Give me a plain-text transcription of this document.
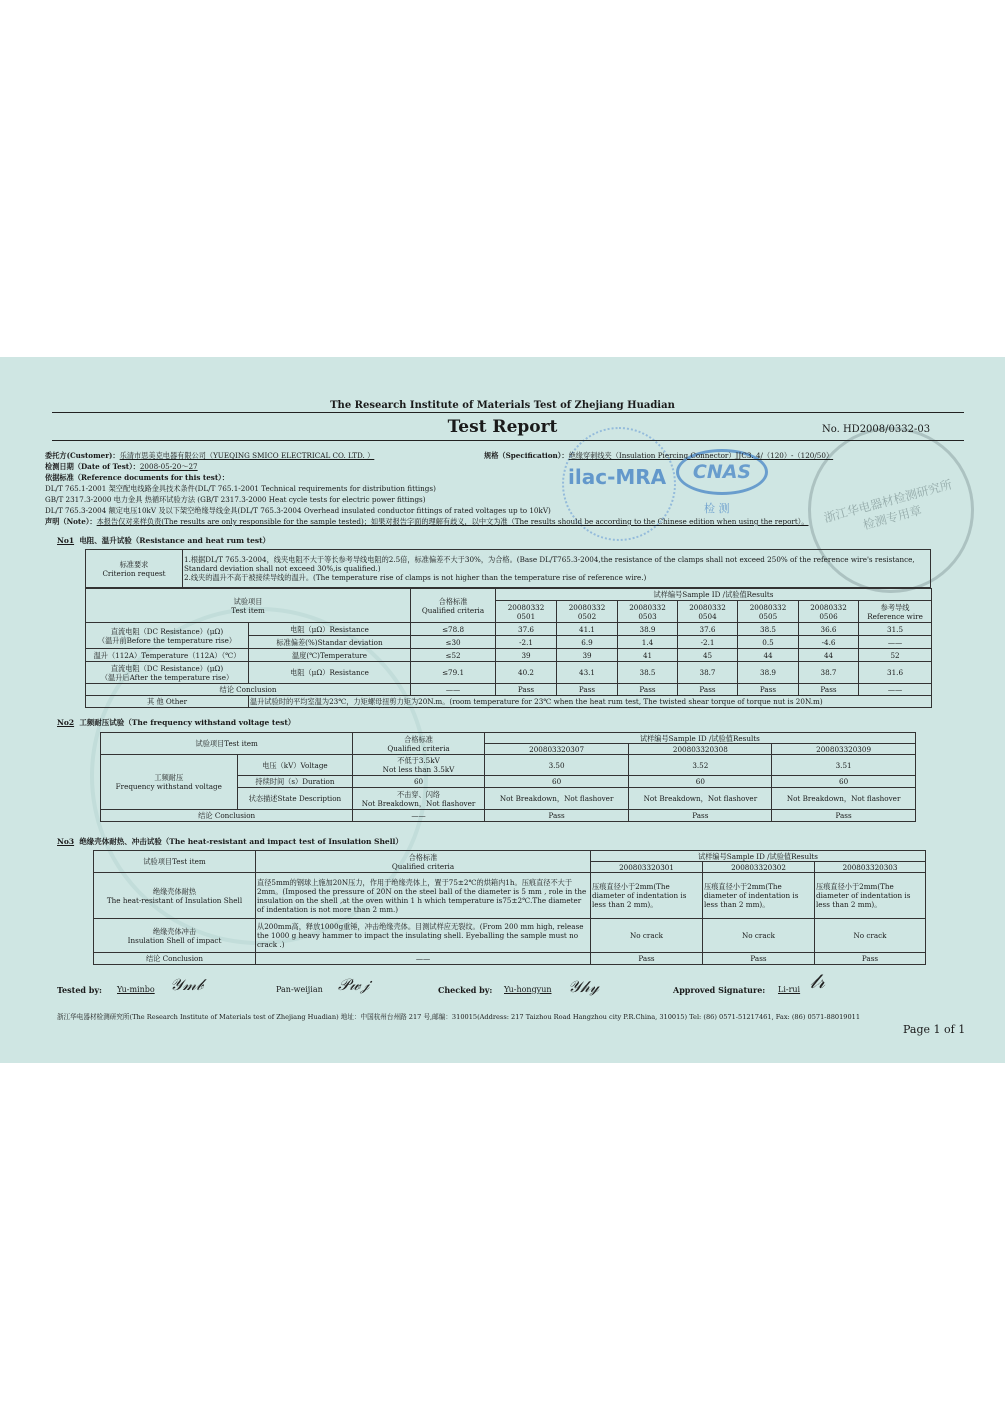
ilac-MRA	CNAS
检 测	浙江华电器材检测研究所 检测专用章
The Research Institute of Materials Test of Zhejiang Huadian
Test Report	No. HD2008/0332-03
委托方(Customer)：乐清市思美克电器有限公司（YUEQING SMICO ELECTRICAL CO. LTD. ）	规格（Specification）：绝缘穿刺线夹（Insulation Piercing Connector）JJC3. 4/（120）-（120/50）
检测日期（Date of Test）：2008-05-20～27
依据标准（Reference documents for this test）：
DL/T 765.1-2001 架空配电线路金具技术条件(DL/T 765.1-2001 Technical requirements for distribution fittings)
GB/T 2317.3-2000 电力金具 热循环试验方法 (GB/T 2317.3-2000 Heat cycle tests for electric power fittings)
DL/T 765.3-2004 额定电压10kV 及以下架空绝缘导线金具(DL/T 765.3-2004 Overhead insulated conductor fittings of rated voltages up to 10kV)
声明（Note）：本报告仅对来样负责(The results are only responsible for the sample tested)；如果对报告字面的理解有歧义，以中文为准（The results should be according to the Chinese edition when using the report）。
No1 电阻、温升试验（Resistance and heat rum test）
标准要求
Criterion request	
1.根据DL/T 765.3-2004，线夹电阻不大于等长参考导线电阻的2.5倍，标准偏差不大于30%，为合格。(Base DL/T765.3-2004,the resistance of the clamps shall not exceed 250% of the reference wire's resistance, Standard deviation shall not exceed 30%,is qualified.)
2.线夹的温升不高于被接续导线的温升。(The temperature rise of clamps is not higher than the temperature rise of reference wire.)
试验项目
Test item		合格标准
Qualified criteria	试样编号Sample ID /试验值Results						
			20080332
0501	20080332
0502	20080332
0503	20080332
0504	20080332
0505	20080332
0506	参考导线
Reference wire
直流电阻（DC Resistance）(μΩ)
（温升前Before the temperature rise）	电阻（μΩ）Resistance	≤78.8	37.6	41.1	38.9	37.6	38.5	36.6	31.5
	标准偏差(%)Standar deviation	≤30	-2.1	6.9	1.4	-2.1	0.5	-4.6	——
温升（112A）Temperature（112A）（℃）	温度(℃)Temperature	≤52	39	39	41	45	44	44	52
直流电阻（DC Resistance）(μΩ)
（温升后After the temperature rise）	电阻（μΩ）Resistance	≤79.1	40.2	43.1	38.5	38.7	38.9	38.7	31.6
结论 Conclusion		——	Pass	Pass	Pass	Pass	Pass	Pass	——
其 他 Other	温升试验时的平均室温为23℃，力矩螺母扭剪力矩为20N.m。(room temperature for 23℃ when the heat rum test, The twisted shear torque of torque nut is 20N.m)								
No2 工频耐压试验（The frequency withstand voltage test）
试验项目Test item		合格标准
Qualified criteria	试样编号Sample ID /试验值Results		
			200803320307	200803320308	200803320309
工频耐压
Frequency withstand voltage	电压（kV）Voltage	不低于3.5kV
Not less than 3.5kV	3.50	3.52	3.51
	持续时间（s）Duration	60	60	60	60
	状态描述State Description	不击穿、闪络
Not Breakdown，Not flashover	Not Breakdown，Not flashover	Not Breakdown，Not flashover	Not Breakdown，Not flashover
结论 Conclusion		——	Pass	Pass	Pass
No3 绝缘壳体耐热、冲击试验（The heat-resistant and impact test of Insulation Shell）
试验项目Test item	合格标准
Qualified criteria	试样编号Sample ID /试验值Results		
		200803320301	200803320302	200803320303
绝缘壳体耐热
The heat-resistant of Insulation Shell	直径5mm的钢球上施加20N压力，作用于绝缘壳体上，置于75±2℃的烘箱内1h。压痕直径不大于2mm。(Imposed the pressure of 20N on the steel ball of the diameter is 5 mm , role in the insulation on the shell ,at the oven within 1 h which temperature is75±2℃.The diameter of indentation is not more than 2 mm.)	压痕直径小于2mm(The diameter of indentation is less than 2 mm)。	压痕直径小于2mm(The diameter of indentation is less than 2 mm)。	压痕直径小于2mm(The diameter of indentation is less than 2 mm)。
绝缘壳体冲击
Insulation Shell of impact	从200mm高，释放1000g重锤，冲击绝缘壳体。目测试样应无裂纹。(From 200 mm high, release the 1000 g heavy hammer to impact the insulating shell. Eyeballing the sample must no crack .)	No crack	No crack	No crack
结论 Conclusion	——	Pass	Pass	Pass
Tested by: Yu-minbo 𝒴𝓂𝒷	Pan-weijian 𝒫𝓌𝒿	Checked by: Yu-hongyun 𝒴𝒽𝓎	Approved Signature: Li-rui 𝓁𝓇
浙江华电器材检测研究所(The Research Institute of Materials test of Zhejiang Huadian) 地址：中国杭州台州路 217 号,邮编：310015(Address: 217 Taizhou Road Hangzhou city P.R.China, 310015) Tel: (86) 0571-51217461, Fax: (86) 0571-88019011
Page 1 of 1
